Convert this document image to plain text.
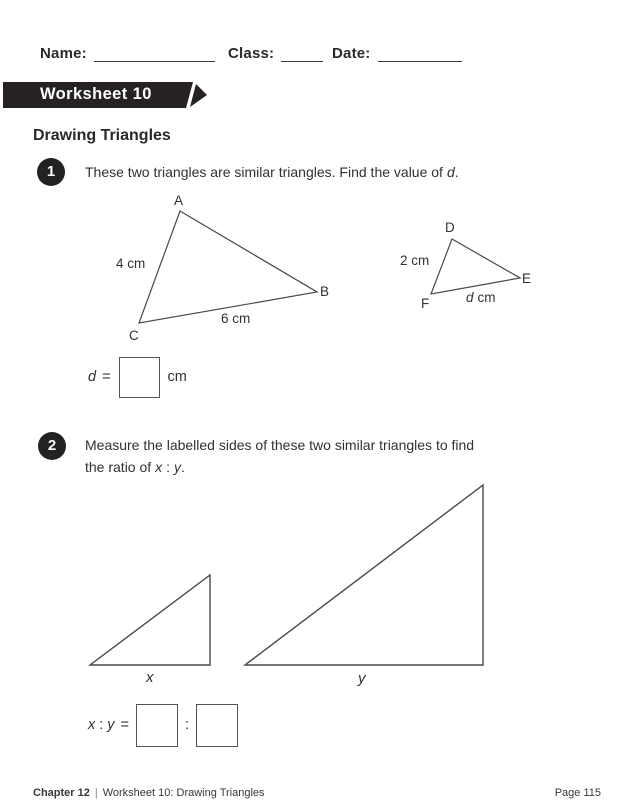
Name:	Class:	Date:
Worksheet 10
Drawing Triangles
1	These two triangles are similar triangles. Find the value of d.
A
B
C
4 cm
6 cm
D
E
F
2 cm
d cm
d =	cm
2	Measure the labelled sides of these two similar triangles to find
the ratio of x : y.
x	y
x : y =	:
Chapter 12 | Worksheet 10: Drawing Triangles	Page 115
